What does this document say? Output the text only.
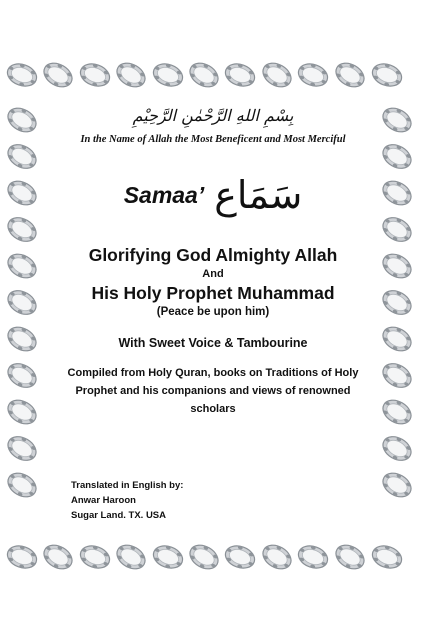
بِسْمِ اللهِ الرَّحْمٰنِ الرَّحِيْمِ
In the Name of Allah the Most Beneficent and Most Merciful
Samaa’ سَمَاع
Glorifying God Almighty Allah
And
His Holy Prophet Muhammad
(Peace be upon him)
With Sweet Voice & Tambourine
Compiled from Holy Quran, books on Traditions of Holy Prophet and his companions and views of renowned scholars
Translated in English by:
Anwar Haroon
Sugar Land. TX. USA
